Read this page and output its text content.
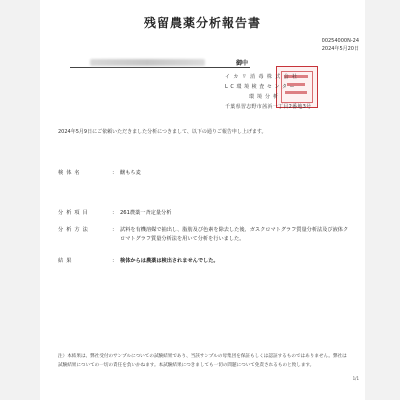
残留農薬分析報告書
00254000N-24
2024年5月20日
御中
イカリ消毒株式会社
LC環境検査センター
環境分析
千葉県習志野市茜浜一丁目2番地3号
2024年5月9日にご依頼いただきました分析につきまして、以下の通りご報告申し上げます。
検体名	： 醸もち麦
分析項目	： 261農薬一斉定量分析
分析方法	： 試料を有機溶媒で抽出し、脂肪及び色素を除去した後、ガスクロマトグラフ質量分析法及び液体クロマトグラフ質量分析法を用いて分析を行いました。
結果	： 検体からは農薬は検出されませんでした。
注）本結果は、弊社受付のサンプルについての試験結果であり、当該サンプルの母集団を保証もしくは認証するものではありません。弊社は試験結果についての一切の責任を負いかねます。本試験結果につきましても一切の問題について免責されるものと致します。
1/1
